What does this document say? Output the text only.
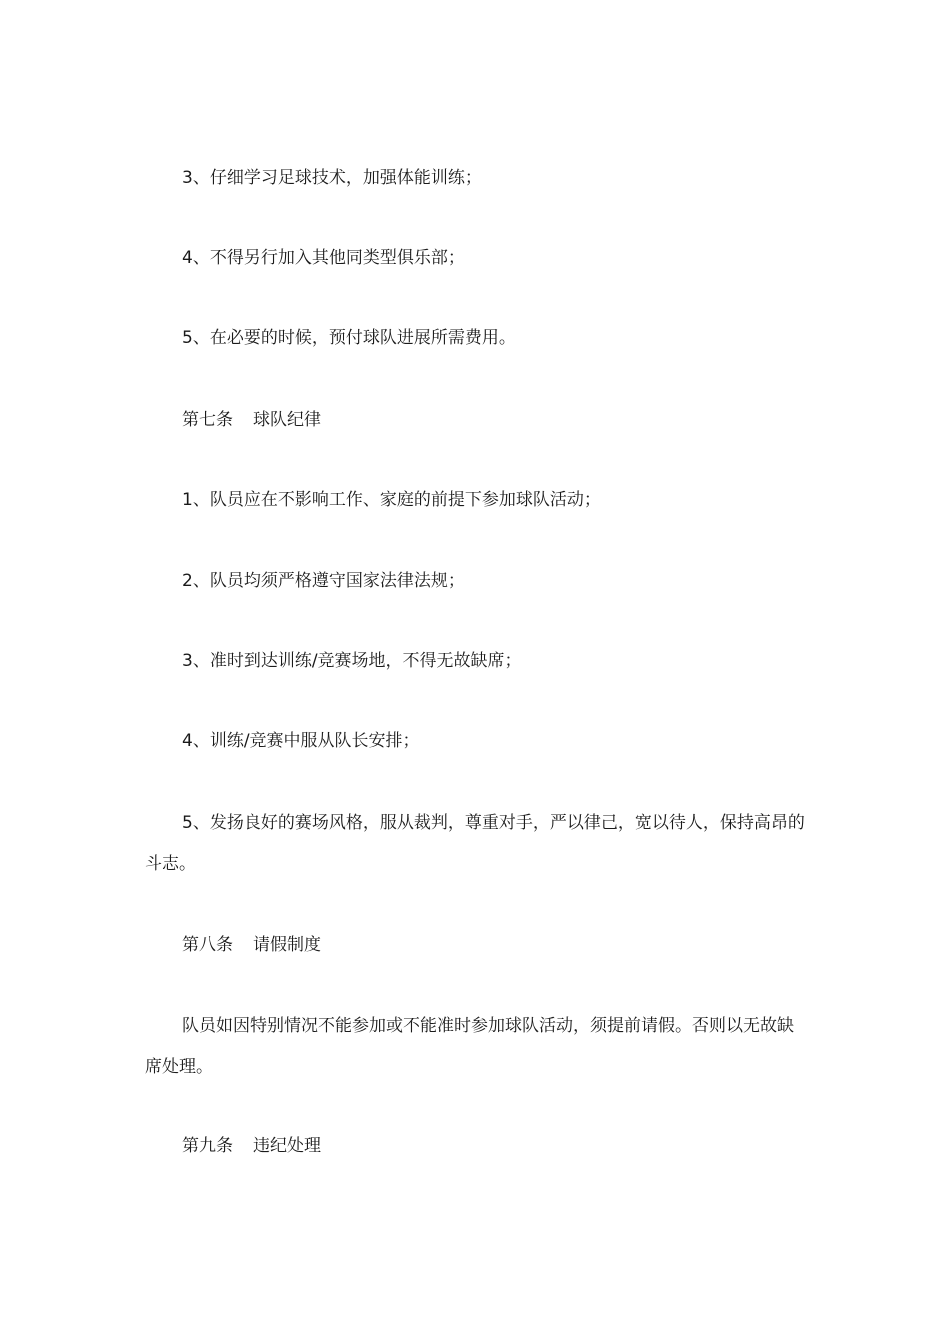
3、仔细学习足球技术，加强体能训练；

4、不得另行加入其他同类型俱乐部；

5、在必要的时候，预付球队进展所需费用。

第七条 球队纪律

1、队员应在不影响工作、家庭的前提下参加球队活动；

2、队员均须严格遵守国家法律法规；

3、准时到达训练/竞赛场地，不得无故缺席；

4、训练/竞赛中服从队长安排；

5、发扬良好的赛场风格，服从裁判，尊重对手，严以律己，宽以待人，保持高昂的斗志。

第八条 请假制度

队员如因特别情况不能参加或不能准时参加球队活动，须提前请假。否则以无故缺席处理。

第九条 违纪处理
